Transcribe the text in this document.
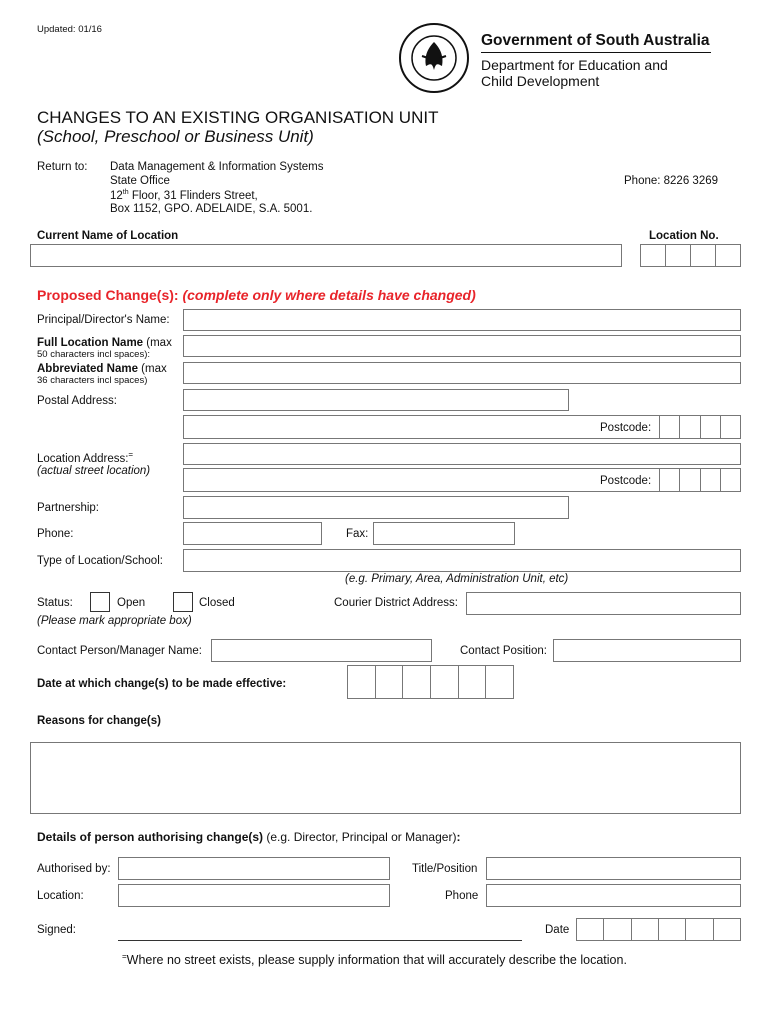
Updated: 01/16
Government of South Australia
Department for Education and
Child Development
CHANGES TO AN EXISTING ORGANISATION UNIT
(School, Preschool or Business Unit)
Return to: Data Management & Information Systems
State Office
12th Floor, 31 Flinders Street,
Box 1152, GPO. ADELAIDE, S.A. 5001.
Phone: 8226 3269
Current Name of Location	Location No.
Proposed Change(s): (complete only where details have changed)
Principal/Director's Name:
Full Location Name (max
50 characters incl spaces):
Abbreviated Name (max
36 characters incl spaces)
Postal Address:
Postcode:
Location Address:=
(actual street location)
Postcode:
Partnership:
Phone:	Fax:
Type of Location/School:
(e.g. Primary, Area, Administration Unit, etc)
Status:	Open	Closed
(Please mark appropriate box)
Courier District Address:
Contact Person/Manager Name:	Contact Position:
Date at which change(s) to be made effective:
Reasons for change(s)
Details of person authorising change(s) (e.g. Director, Principal or Manager):
Authorised by:	Title/Position
Location:	Phone
Signed:	Date
=Where no street exists, please supply information that will accurately describe the location.
